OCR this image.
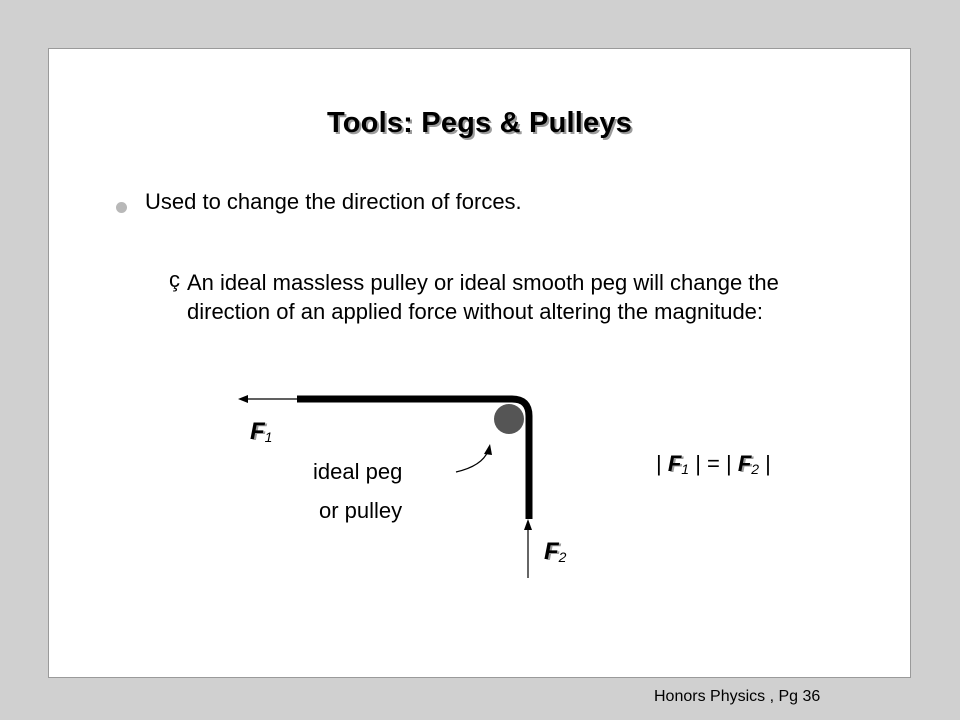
Tools: Pegs & Pulleys
Used to change the direction of forces.
ç An ideal massless pulley or ideal smooth peg will change the direction of an applied force without altering the magnitude:
$F_1$
$F_2$
ideal peg
or pulley
| $F_1$ | = | $F_2$ |
Honors Physics , Pg 36
